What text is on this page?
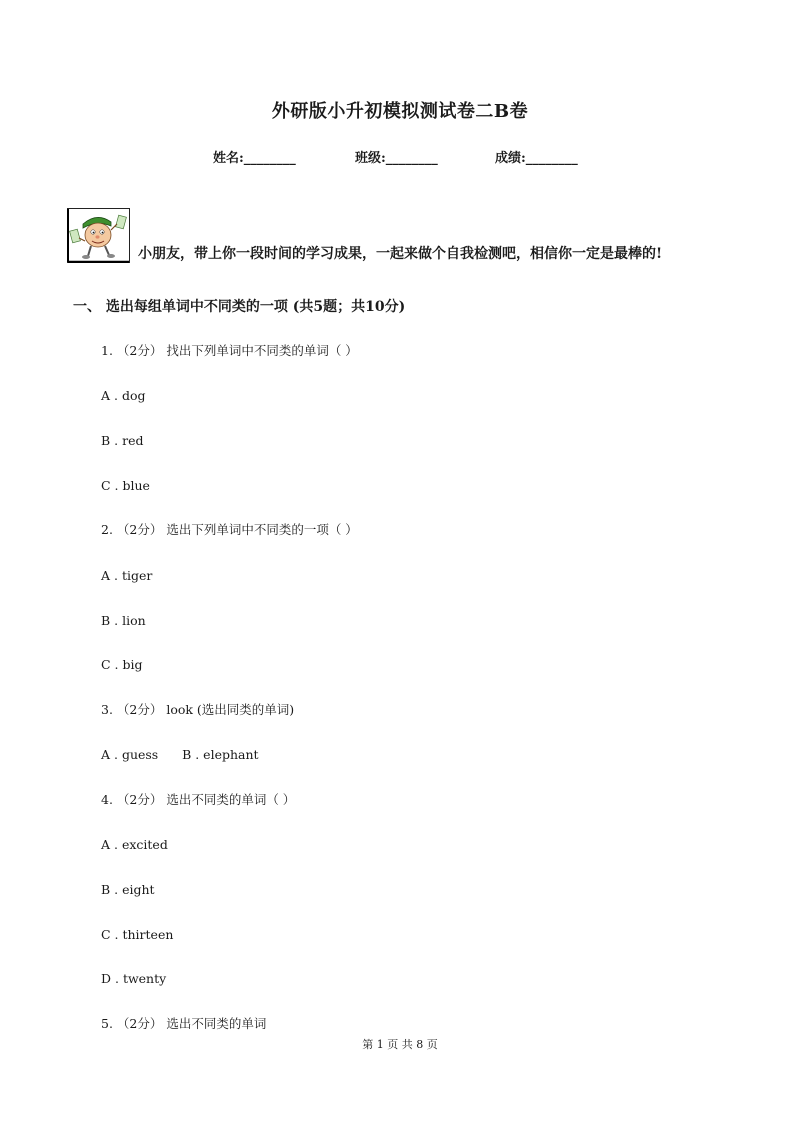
外研版小升初模拟测试卷二B卷
姓名:________	班级:________	成绩:________
小朋友，带上你一段时间的学习成果，一起来做个自我检测吧，相信你一定是最棒的!
一、 选出每组单词中不同类的一项 (共5题；共10分)
1. （2分） 找出下列单词中不同类的单词（ ）
A . dog
B . red
C . blue
2. （2分） 选出下列单词中不同类的一项（ ）
A . tiger
B . lion
C . big
3. （2分） look (选出同类的单词)
A . guess      B . elephant
4. （2分） 选出不同类的单词（ ）
A . excited
B . eight
C . thirteen
D . twenty
5. （2分） 选出不同类的单词
第 1 页 共 8 页
